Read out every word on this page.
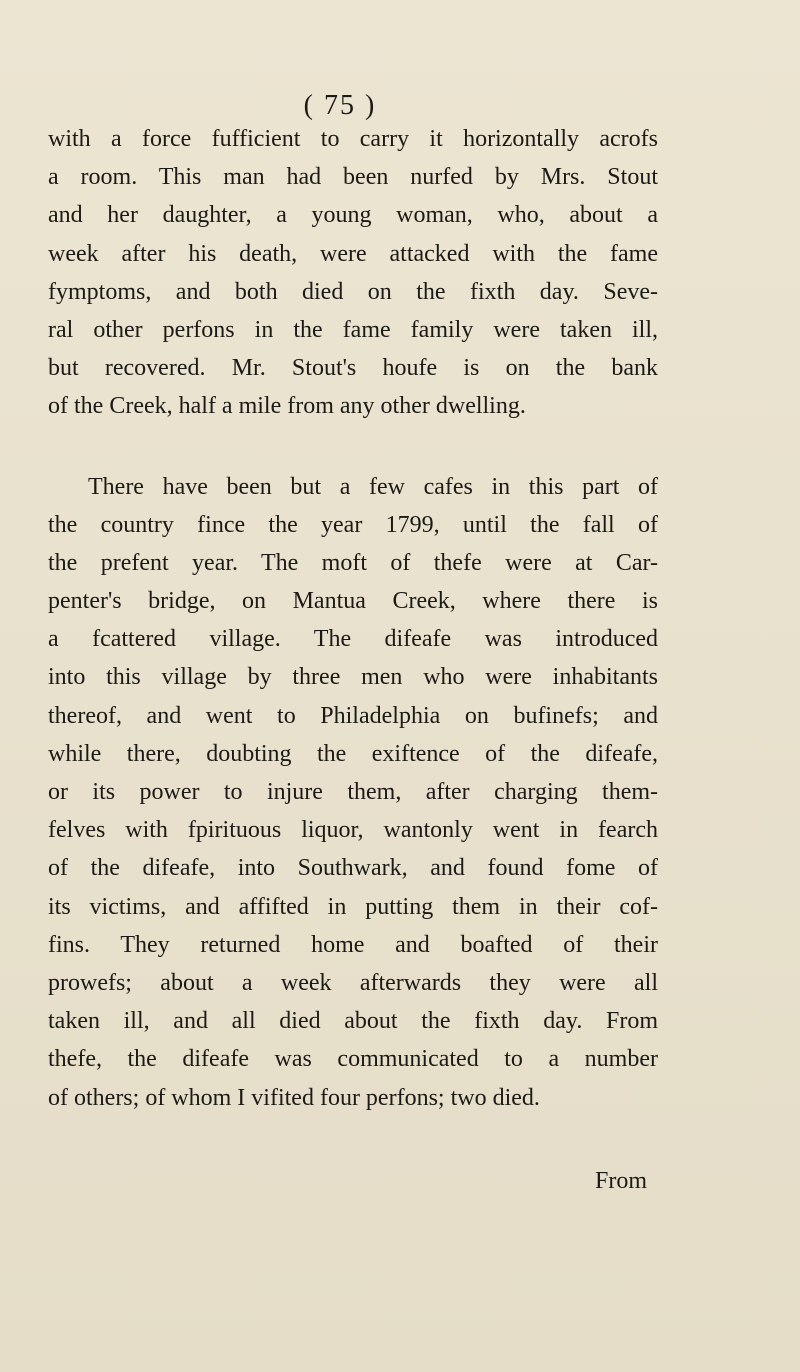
( 75 )
with a force fufficient to carry it horizontally acrofs
a room. This man had been nurfed by Mrs. Stout
and her daughter, a young woman, who, about a
week after his death, were attacked with the fame
fymptoms, and both died on the fixth day. Seve-
ral other perfons in the fame family were taken ill,
but recovered. Mr. Stout's houfe is on the bank
of the Creek, half a mile from any other dwelling.
There have been but a few cafes in this part of
the country fince the year 1799, until the fall of
the prefent year. The moft of thefe were at Car-
penter's bridge, on Mantua Creek, where there is
a fcattered village. The difeafe was introduced
into this village by three men who were inhabitants
thereof, and went to Philadelphia on bufinefs; and
while there, doubting the exiftence of the difeafe,
or its power to injure them, after charging them-
felves with fpirituous liquor, wantonly went in fearch
of the difeafe, into Southwark, and found fome of
its victims, and affifted in putting them in their cof-
fins. They returned home and boafted of their
prowefs; about a week afterwards they were all
taken ill, and all died about the fixth day. From
thefe, the difeafe was communicated to a number
of others; of whom I vifited four perfons; two died.
From
